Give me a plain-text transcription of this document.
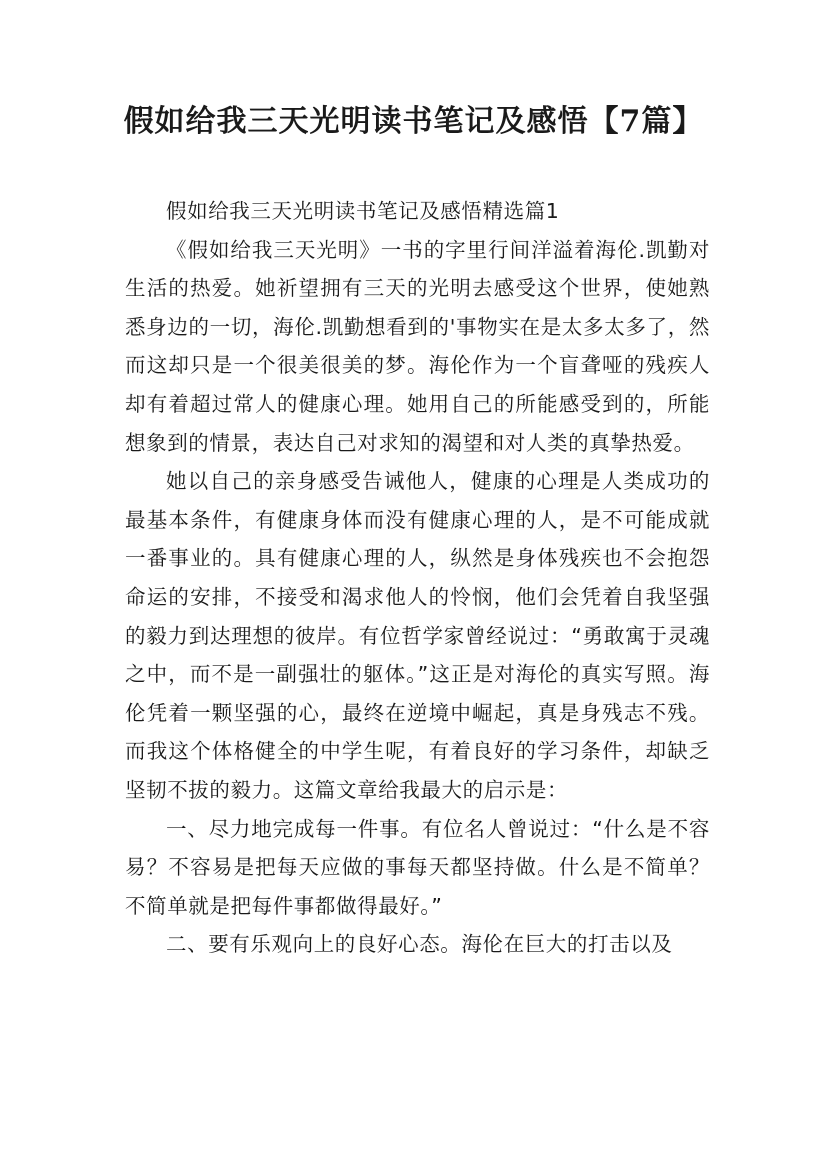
假如给我三天光明读书笔记及感悟【7篇】

假如给我三天光明读书笔记及感悟精选篇1

《假如给我三天光明》一书的字里行间洋溢着海伦.凯勤对生活的热爱。她祈望拥有三天的光明去感受这个世界，使她熟悉身边的一切，海伦.凯勤想看到的'事物实在是太多太多了，然而这却只是一个很美很美的梦。海伦作为一个盲聋哑的残疾人却有着超过常人的健康心理。她用自己的所能感受到的，所能想象到的情景，表达自己对求知的渴望和对人类的真挚热爱。

她以自己的亲身感受告诫他人，健康的心理是人类成功的最基本条件，有健康身体而没有健康心理的人，是不可能成就一番事业的。具有健康心理的人，纵然是身体残疾也不会抱怨命运的安排，不接受和渴求他人的怜悯，他们会凭着自我坚强的毅力到达理想的彼岸。有位哲学家曾经说过：“勇敢寓于灵魂之中，而不是一副强壮的躯体。”这正是对海伦的真实写照。海伦凭着一颗坚强的心，最终在逆境中崛起，真是身残志不残。而我这个体格健全的中学生呢，有着良好的学习条件，却缺乏坚韧不拔的毅力。这篇文章给我最大的启示是：

一、尽力地完成每一件事。有位名人曾说过：“什么是不容易？不容易是把每天应做的事每天都坚持做。什么是不简单？不简单就是把每件事都做得最好。”

二、要有乐观向上的良好心态。海伦在巨大的打击以及
